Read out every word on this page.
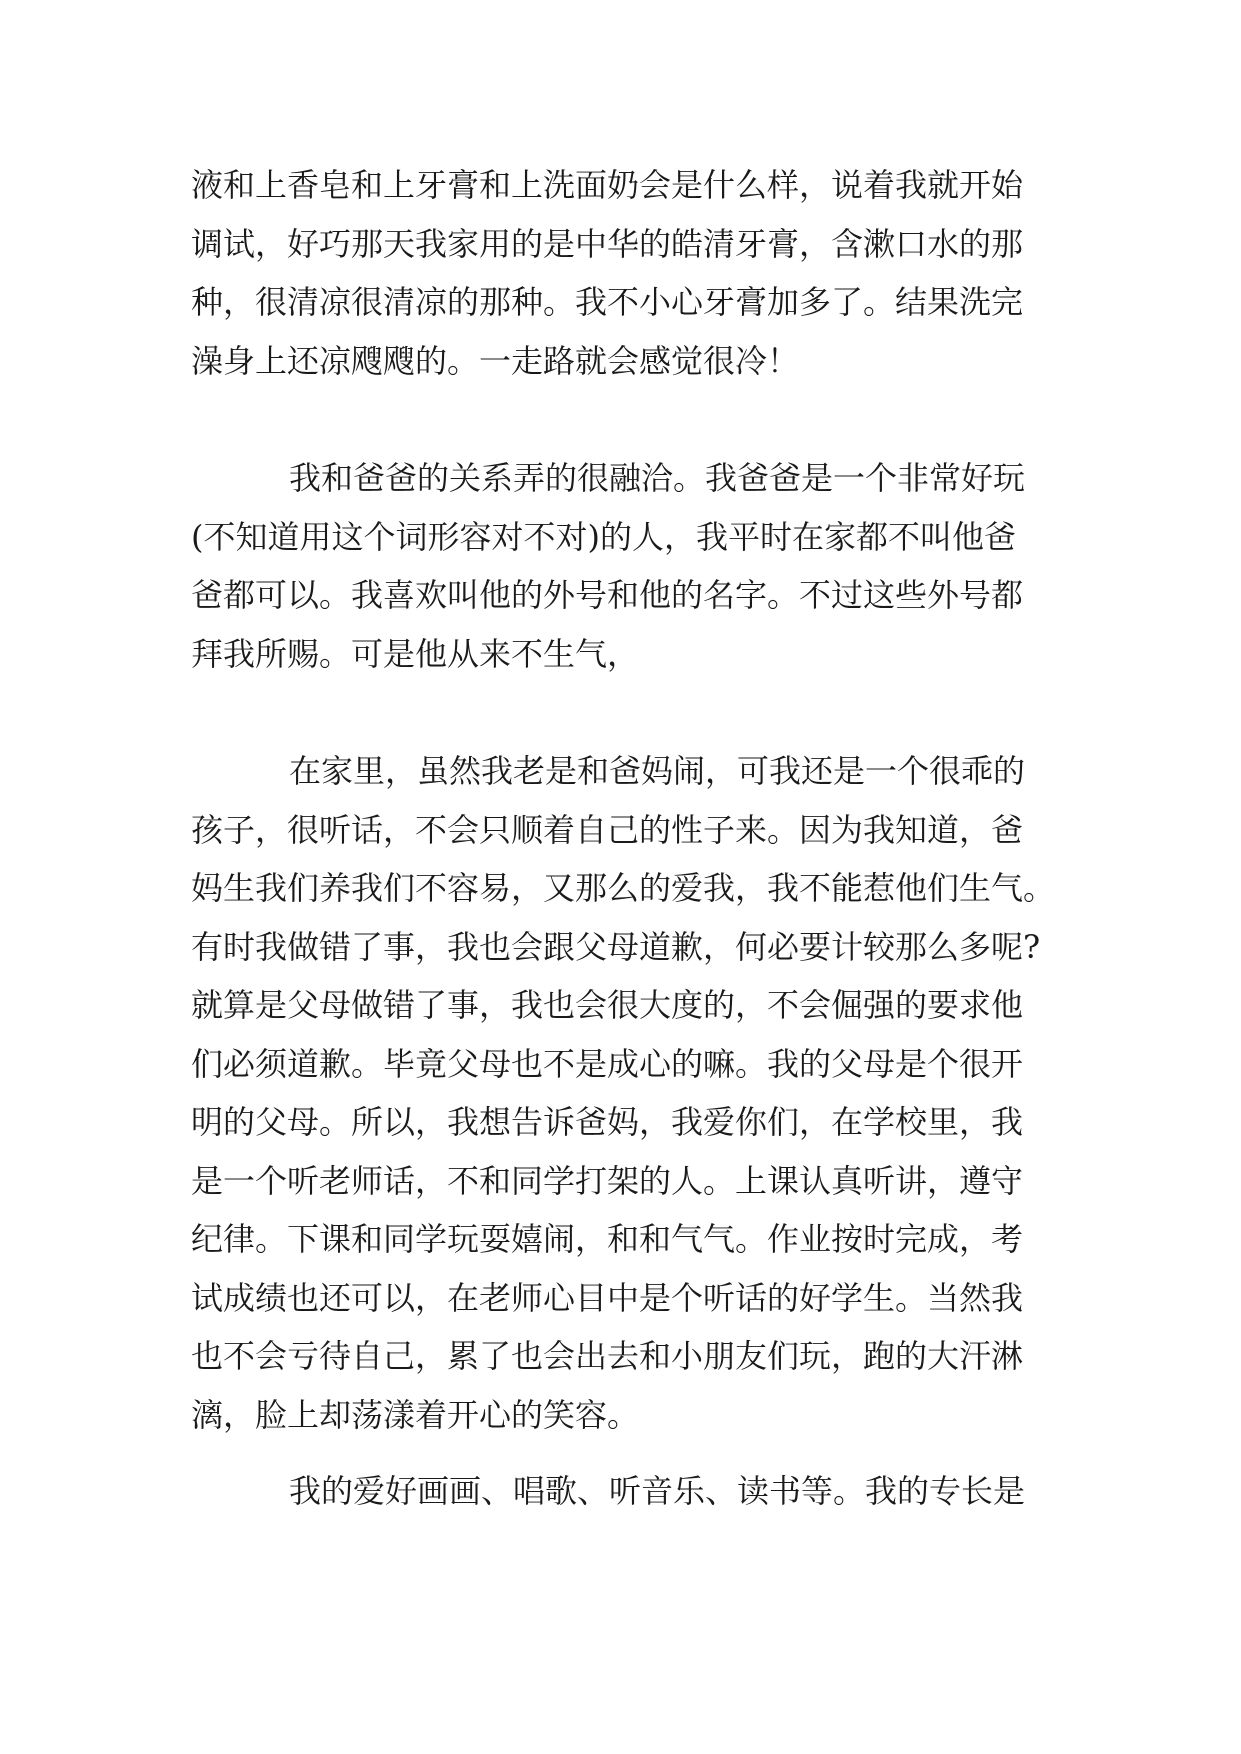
液和上香皂和上牙膏和上洗面奶会是什么样，说着我就开始
调试，好巧那天我家用的是中华的皓清牙膏，含漱口水的那
种，很清凉很清凉的那种。我不小心牙膏加多了。结果洗完
澡身上还凉飕飕的。一走路就会感觉很冷！
我和爸爸的关系弄的很融洽。我爸爸是一个非常好玩
(不知道用这个词形容对不对)的人，我平时在家都不叫他爸
爸都可以。我喜欢叫他的外号和他的名字。不过这些外号都
拜我所赐。可是他从来不生气，
在家里，虽然我老是和爸妈闹，可我还是一个很乖的
孩子，很听话，不会只顺着自己的性子来。因为我知道，爸
妈生我们养我们不容易，又那么的爱我，我不能惹他们生气。
有时我做错了事，我也会跟父母道歉，何必要计较那么多呢?
就算是父母做错了事，我也会很大度的，不会倔强的要求他
们必须道歉。毕竟父母也不是成心的嘛。我的父母是个很开
明的父母。所以，我想告诉爸妈，我爱你们，在学校里，我
是一个听老师话，不和同学打架的人。上课认真听讲，遵守
纪律。下课和同学玩耍嬉闹，和和气气。作业按时完成，考
试成绩也还可以，在老师心目中是个听话的好学生。当然我
也不会亏待自己，累了也会出去和小朋友们玩，跑的大汗淋
漓，脸上却荡漾着开心的笑容。
我的爱好画画、唱歌、听音乐、读书等。我的专长是
